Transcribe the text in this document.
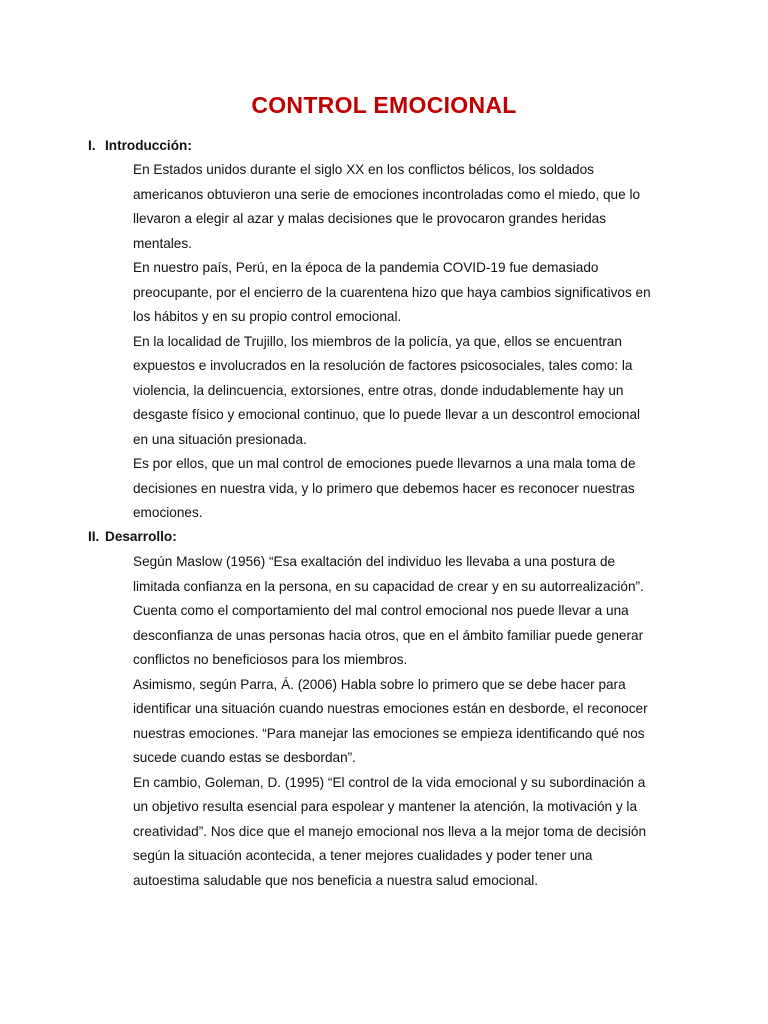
CONTROL EMOCIONAL
I. Introducción:

En Estados unidos durante el siglo XX en los conflictos bélicos, los soldados
americanos obtuvieron una serie de emociones incontroladas como el miedo, que lo
llevaron a elegir al azar y malas decisiones que le provocaron grandes heridas
mentales.

En nuestro país, Perú, en la época de la pandemia COVID-19 fue demasiado
preocupante, por el encierro de la cuarentena hizo que haya cambios significativos en
los hábitos y en su propio control emocional.

En la localidad de Trujillo, los miembros de la policía, ya que, ellos se encuentran
expuestos e involucrados en la resolución de factores psicosociales, tales como: la
violencia, la delincuencia, extorsiones, entre otras, donde indudablemente hay un
desgaste físico y emocional continuo, que lo puede llevar a un descontrol emocional
en una situación presionada.

Es por ellos, que un mal control de emociones puede llevarnos a una mala toma de
decisiones en nuestra vida, y lo primero que debemos hacer es reconocer nuestras
emociones.

II. Desarrollo:

Según Maslow (1956) “Esa exaltación del individuo les llevaba a una postura de
limitada confianza en la persona, en su capacidad de crear y en su autorrealización”.
Cuenta como el comportamiento del mal control emocional nos puede llevar a una
desconfianza de unas personas hacia otros, que en el ámbito familiar puede generar
conflictos no beneficiosos para los miembros.

Asimismo, según Parra, Á. (2006) Habla sobre lo primero que se debe hacer para
identificar una situación cuando nuestras emociones están en desborde, el reconocer
nuestras emociones. “Para manejar las emociones se empieza identificando qué nos
sucede cuando estas se desbordan”.

En cambio, Goleman, D. (1995) “El control de la vida emocional y su subordinación a
un objetivo resulta esencial para espolear y mantener la atención, la motivación y la
creatividad”. Nos dice que el manejo emocional nos lleva a la mejor toma de decisión
según la situación acontecida, a tener mejores cualidades y poder tener una
autoestima saludable que nos beneficia a nuestra salud emocional.
